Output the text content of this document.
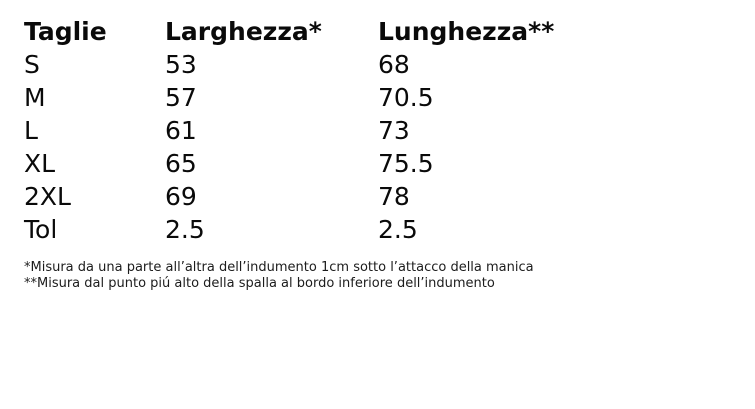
Taglie	Larghezza*	Lunghezza**
S	53	68
M	57	70.5
L	61	73
XL	65	75.5
2XL	69	78
Tol	2.5	2.5
*Misura da una parte all’altra dell’indumento 1cm sotto l’attacco della manica
**Misura dal punto piú alto della spalla al bordo inferiore dell’indumento
